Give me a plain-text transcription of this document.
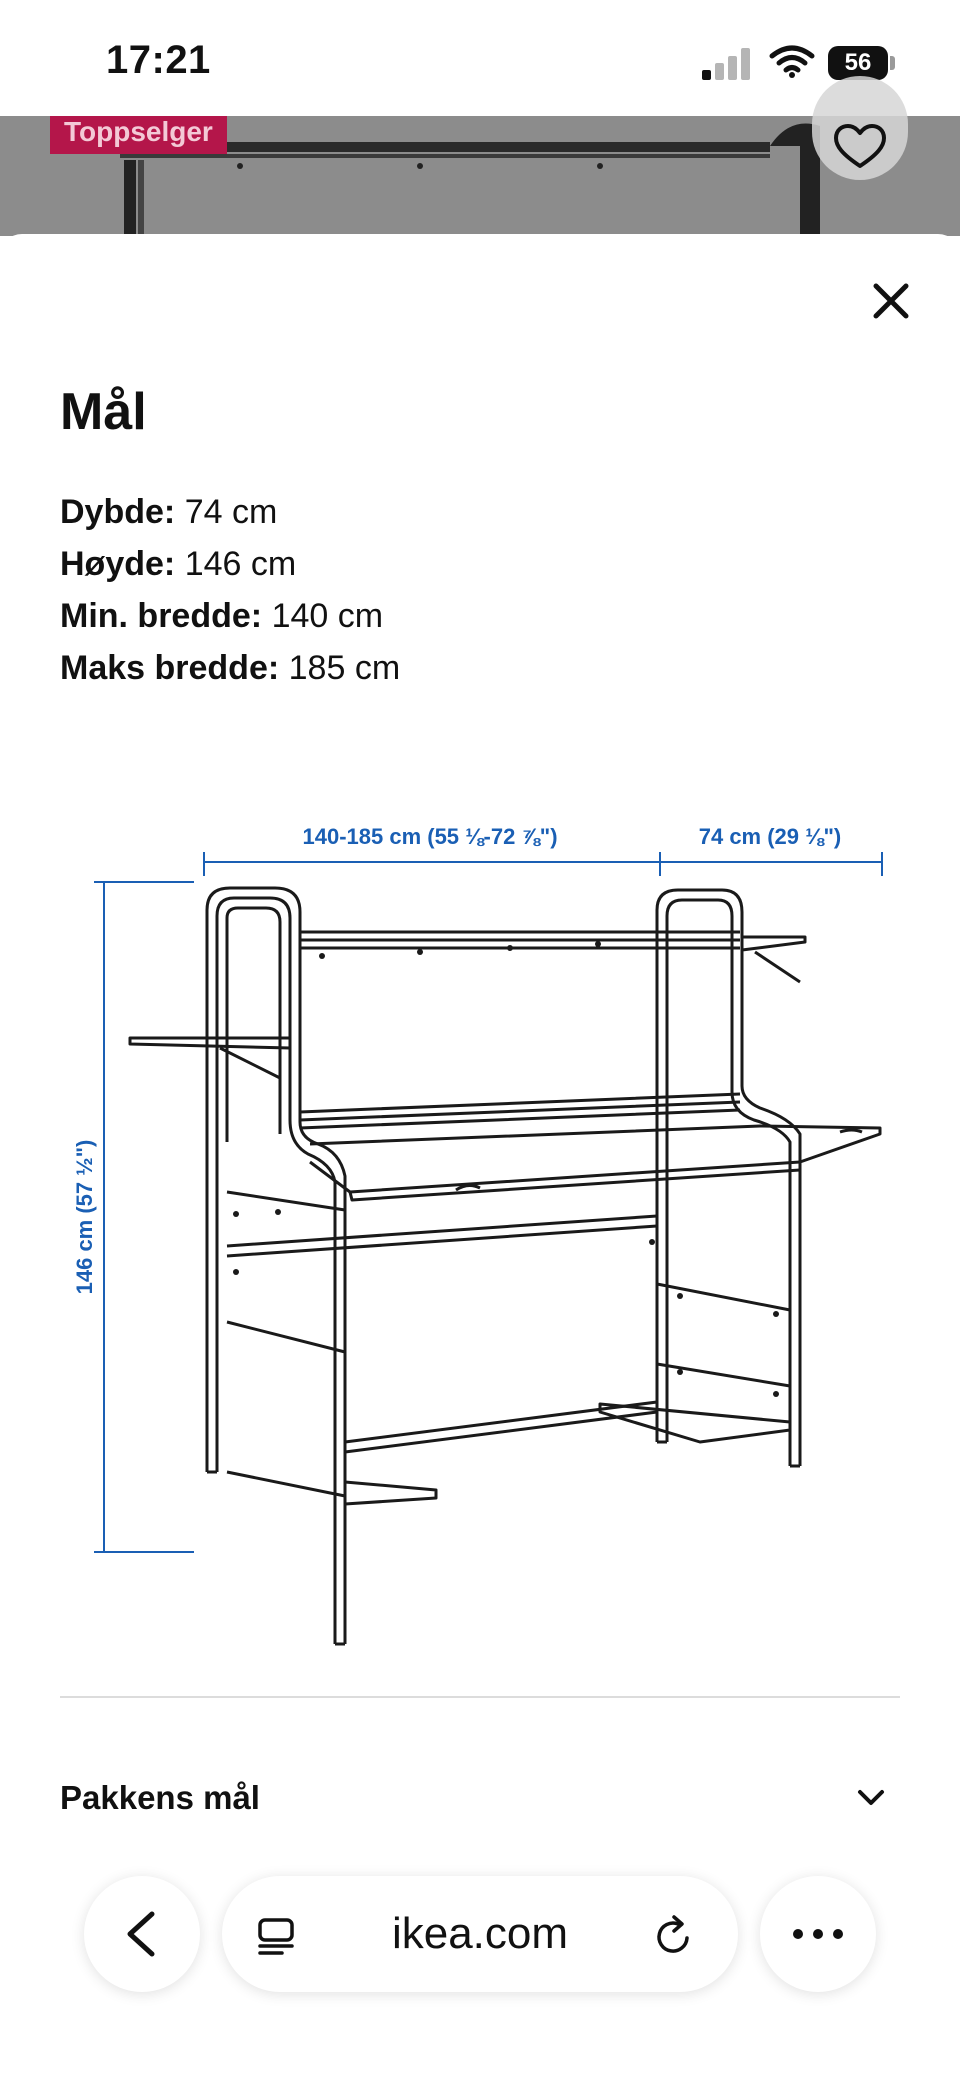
17:21	56
Toppselger
Mål
Dybde: 74 cm
Høyde: 146 cm
Min. bredde: 140 cm
Maks bredde: 185 cm
140-185 cm (55 ⅛-72 ⅞")	74 cm (29 ⅛")
146 cm (57 ½")
Pakkens mål
ikea.com
